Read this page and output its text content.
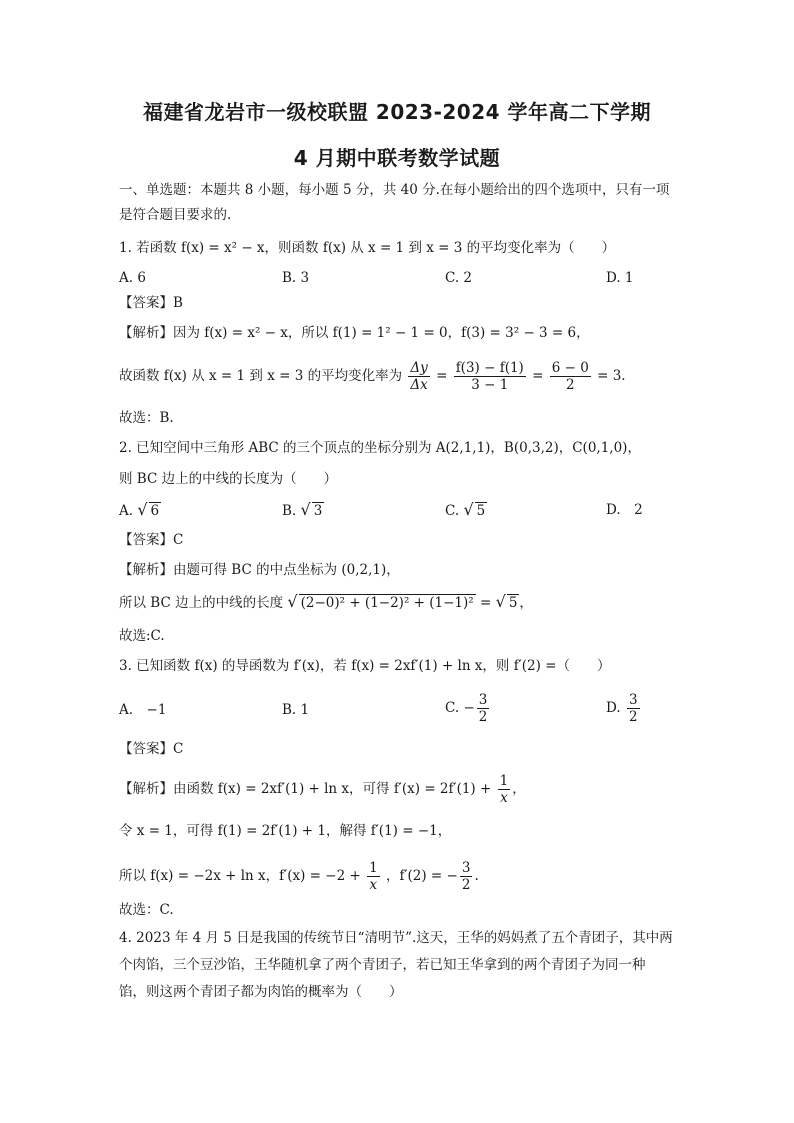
福建省龙岩市一级校联盟 2023-2024 学年高二下学期
4 月期中联考数学试题
一、单选题：本题共 8 小题，每小题 5 分，共 40 分.在每小题给出的四个选项中，只有一项
是符合题目要求的.
1. 若函数 f(x) = x² − x，则函数 f(x) 从 x = 1 到 x = 3 的平均变化率为（　　）
A. 6	B. 3	C. 2	D. 1
【答案】B
【解析】因为 f(x) = x² − x，所以 f(1) = 1² − 1 = 0，f(3) = 3² − 3 = 6，
故函数 f(x) 从 x = 1 到 x = 3 的平均变化率为 $\frac{\Delta y}{\Delta x} = \frac{f(3) - f(1)}{3 - 1} = \frac{6 - 0}{2} = 3$.
故选：B.
2. 已知空间中三角形 ABC 的三个顶点的坐标分别为 A(2,1,1)，B(0,3,2)，C(0,1,0)，
则 BC 边上的中线的长度为（　　）
A. √ 6	B. √ 3	C. √ 5	D.　2
【答案】C
【解析】由题可得 BC 的中点坐标为 (0,2,1)，
所以 BC 边上的中线的长度 √ (2−0)² + (1−2)² + (1−1)² = √ 5 ，
故选:C.
3. 已知函数 f(x) 的导函数为 f′(x)，若 f(x) = 2xf′(1) + ln x，则 f′(2) =（　　）
A.　−1	B. 1	C. − $\frac{3}{2}$	D. $\frac{3}{2}$
【答案】C
【解析】由函数 f(x) = 2xf′(1) + ln x，可得 $f'(x) = 2f'(1) + \frac{1}{x}$ ，
令 x = 1，可得 f(1) = 2f′(1) + 1，解得 f′(1) = −1，
所以 f(x) = −2x + ln x，$f'(x) = -2 + \frac{1}{x}$ ，f′(2) = − $\frac{3}{2}$ .
故选：C.
4. 2023 年 4 月 5 日是我国的传统节日“清明节”.这天，王华的妈妈煮了五个青团子，其中两
个肉馅，三个豆沙馅，王华随机拿了两个青团子，若已知王华拿到的两个青团子为同一种
馅，则这两个青团子都为肉馅的概率为（　　）
